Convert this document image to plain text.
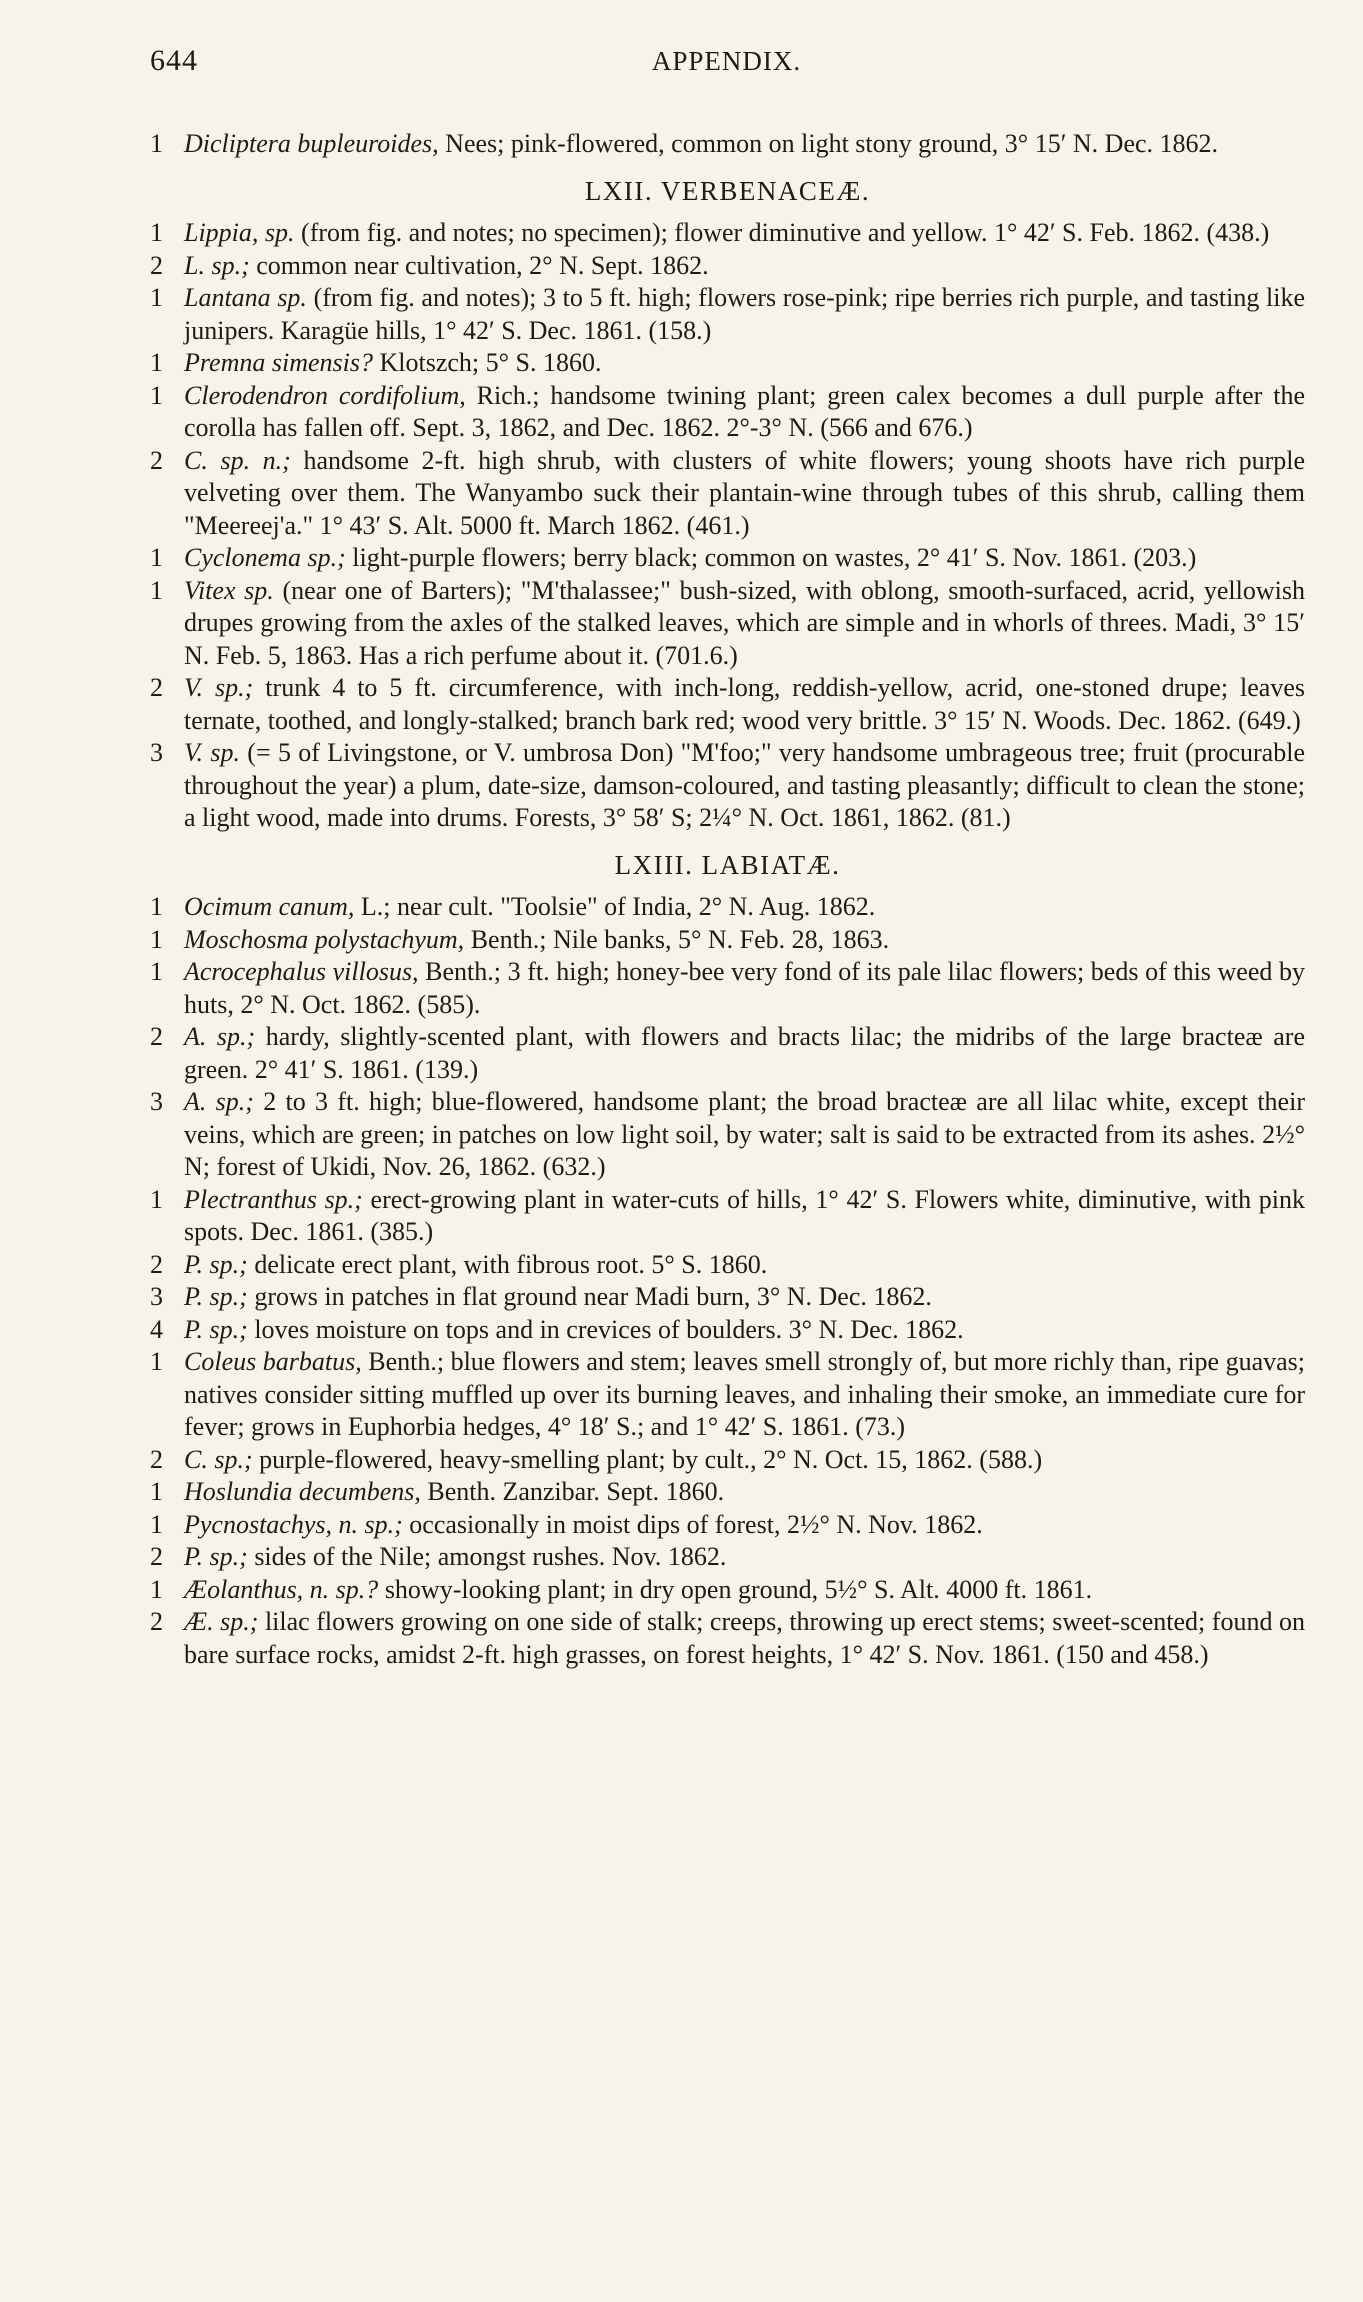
644	APPENDIX.
1 Dicliptera bupleuroides, Nees; pink-flowered, common on light stony ground, 3° 15′ N. Dec. 1862.
LXII. VERBENACEÆ.
1 Lippia, sp. (from fig. and notes; no specimen); flower diminutive and yellow. 1° 42′ S. Feb. 1862. (438.)
2 L. sp.; common near cultivation, 2° N. Sept. 1862.
1 Lantana sp. (from fig. and notes); 3 to 5 ft. high; flowers rose-pink; ripe berries rich purple, and tasting like junipers. Karagüe hills, 1° 42′ S. Dec. 1861. (158.)
1 Premna simensis? Klotszch; 5° S. 1860.
1 Clerodendron cordifolium, Rich.; handsome twining plant; green calex becomes a dull purple after the corolla has fallen off. Sept. 3, 1862, and Dec. 1862. 2°-3° N. (566 and 676.)
2 C. sp. n.; handsome 2-ft. high shrub, with clusters of white flowers; young shoots have rich purple velveting over them. The Wanyambo suck their plantain-wine through tubes of this shrub, calling them "Meereej'a." 1° 43′ S. Alt. 5000 ft. March 1862. (461.)
1 Cyclonema sp.; light-purple flowers; berry black; common on wastes, 2° 41′ S. Nov. 1861. (203.)
1 Vitex sp. (near one of Barters); "M'thalassee;" bush-sized, with oblong, smooth-surfaced, acrid, yellowish drupes growing from the axles of the stalked leaves, which are simple and in whorls of threes. Madi, 3° 15′ N. Feb. 5, 1863. Has a rich perfume about it. (701.6.)
2 V. sp.; trunk 4 to 5 ft. circumference, with inch-long, reddish-yellow, acrid, one-stoned drupe; leaves ternate, toothed, and longly-stalked; branch bark red; wood very brittle. 3° 15′ N. Woods. Dec. 1862. (649.)
3 V. sp. (= 5 of Livingstone, or V. umbrosa Don) "M'foo;" very handsome umbrageous tree; fruit (procurable throughout the year) a plum, date-size, damson-coloured, and tasting pleasantly; difficult to clean the stone; a light wood, made into drums. Forests, 3° 58′ S; 2¼° N. Oct. 1861, 1862. (81.)
LXIII. LABIATÆ.
1 Ocimum canum, L.; near cult. "Toolsie" of India, 2° N. Aug. 1862.
1 Moschosma polystachyum, Benth.; Nile banks, 5° N. Feb. 28, 1863.
1 Acrocephalus villosus, Benth.; 3 ft. high; honey-bee very fond of its pale lilac flowers; beds of this weed by huts, 2° N. Oct. 1862. (585).
2 A. sp.; hardy, slightly-scented plant, with flowers and bracts lilac; the midribs of the large bracteæ are green. 2° 41′ S. 1861. (139.)
3 A. sp.; 2 to 3 ft. high; blue-flowered, handsome plant; the broad bracteæ are all lilac white, except their veins, which are green; in patches on low light soil, by water; salt is said to be extracted from its ashes. 2½° N; forest of Ukidi, Nov. 26, 1862. (632.)
1 Plectranthus sp.; erect-growing plant in water-cuts of hills, 1° 42′ S. Flowers white, diminutive, with pink spots. Dec. 1861. (385.)
2 P. sp.; delicate erect plant, with fibrous root. 5° S. 1860.
3 P. sp.; grows in patches in flat ground near Madi burn, 3° N. Dec. 1862.
4 P. sp.; loves moisture on tops and in crevices of boulders. 3° N. Dec. 1862.
1 Coleus barbatus, Benth.; blue flowers and stem; leaves smell strongly of, but more richly than, ripe guavas; natives consider sitting muffled up over its burning leaves, and inhaling their smoke, an immediate cure for fever; grows in Euphorbia hedges, 4° 18′ S.; and 1° 42′ S. 1861. (73.)
2 C. sp.; purple-flowered, heavy-smelling plant; by cult., 2° N. Oct. 15, 1862. (588.)
1 Hoslundia decumbens, Benth. Zanzibar. Sept. 1860.
1 Pycnostachys, n. sp.; occasionally in moist dips of forest, 2½° N. Nov. 1862.
2 P. sp.; sides of the Nile; amongst rushes. Nov. 1862.
1 Æolanthus, n. sp.? showy-looking plant; in dry open ground, 5½° S. Alt. 4000 ft. 1861.
2 Æ. sp.; lilac flowers growing on one side of stalk; creeps, throwing up erect stems; sweet-scented; found on bare surface rocks, amidst 2-ft. high grasses, on forest heights, 1° 42′ S. Nov. 1861. (150 and 458.)
